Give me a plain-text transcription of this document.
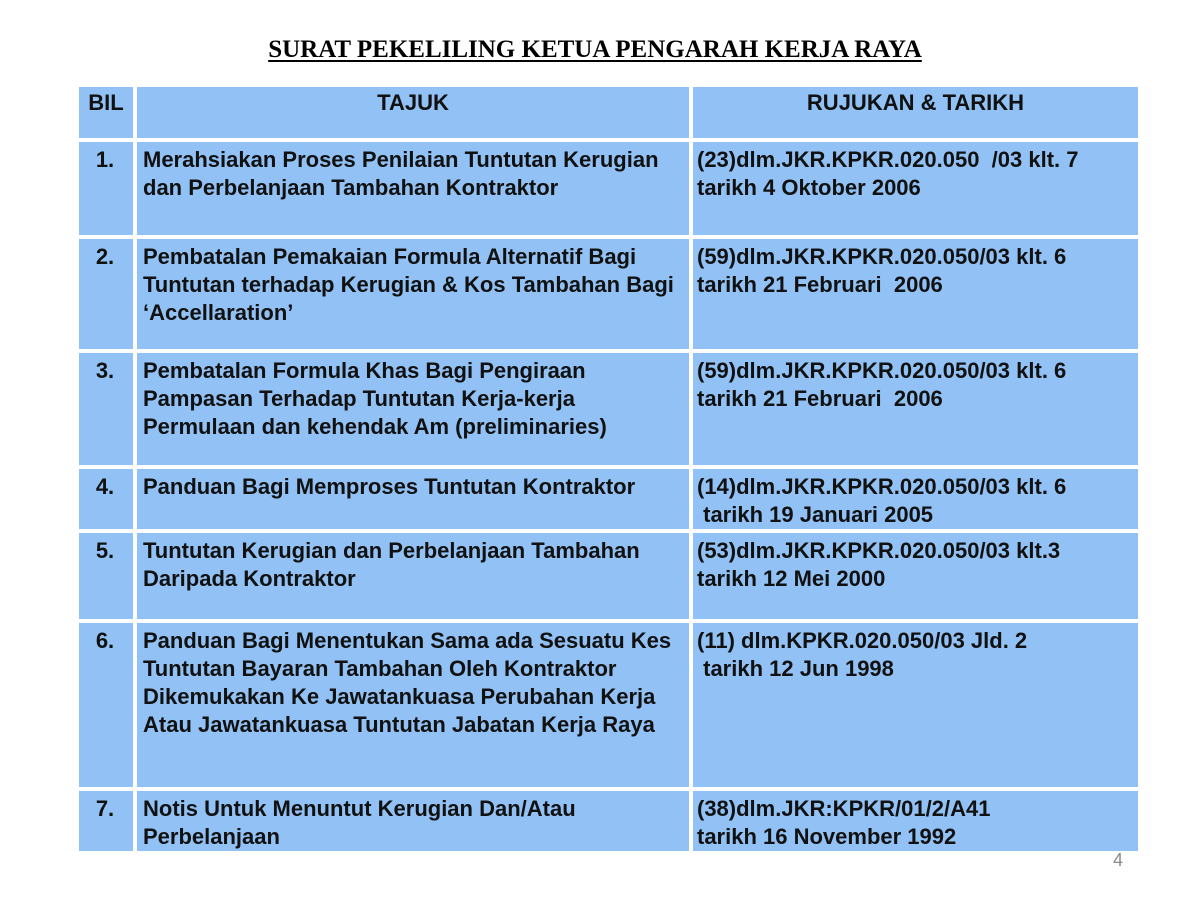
SURAT PEKELILING KETUA PENGARAH KERJA RAYA
BIL	TAJUK	RUJUKAN & TARIKH
1.	Merahsiakan Proses Penilaian Tuntutan Kerugian dan Perbelanjaan Tambahan Kontraktor	(23)dlm.JKR.KPKR.020.050  /03 klt. 7
tarikh 4 Oktober 2006
2.	Pembatalan Pemakaian Formula Alternatif Bagi Tuntutan terhadap Kerugian & Kos Tambahan Bagi ‘Accellaration’	(59)dlm.JKR.KPKR.020.050/03 klt. 6
tarikh 21 Februari  2006
3.	Pembatalan Formula Khas Bagi Pengiraan Pampasan Terhadap Tuntutan Kerja-kerja Permulaan dan kehendak Am (preliminaries)	(59)dlm.JKR.KPKR.020.050/03 klt. 6
tarikh 21 Februari  2006
4.	Panduan Bagi Memproses Tuntutan Kontraktor	(14)dlm.JKR.KPKR.020.050/03 klt. 6
tarikh 19 Januari 2005
5.	Tuntutan Kerugian dan Perbelanjaan Tambahan Daripada Kontraktor	(53)dlm.JKR.KPKR.020.050/03 klt.3
tarikh 12 Mei 2000
6.	Panduan Bagi Menentukan Sama ada Sesuatu Kes Tuntutan Bayaran Tambahan Oleh Kontraktor Dikemukakan Ke Jawatankuasa Perubahan Kerja Atau Jawatankuasa Tuntutan Jabatan Kerja Raya	(11) dlm.KPKR.020.050/03 Jld. 2
tarikh 12 Jun 1998
7.	Notis Untuk Menuntut Kerugian Dan/Atau Perbelanjaan	(38)dlm.JKR:KPKR/01/2/A41
tarikh 16 November 1992
4
